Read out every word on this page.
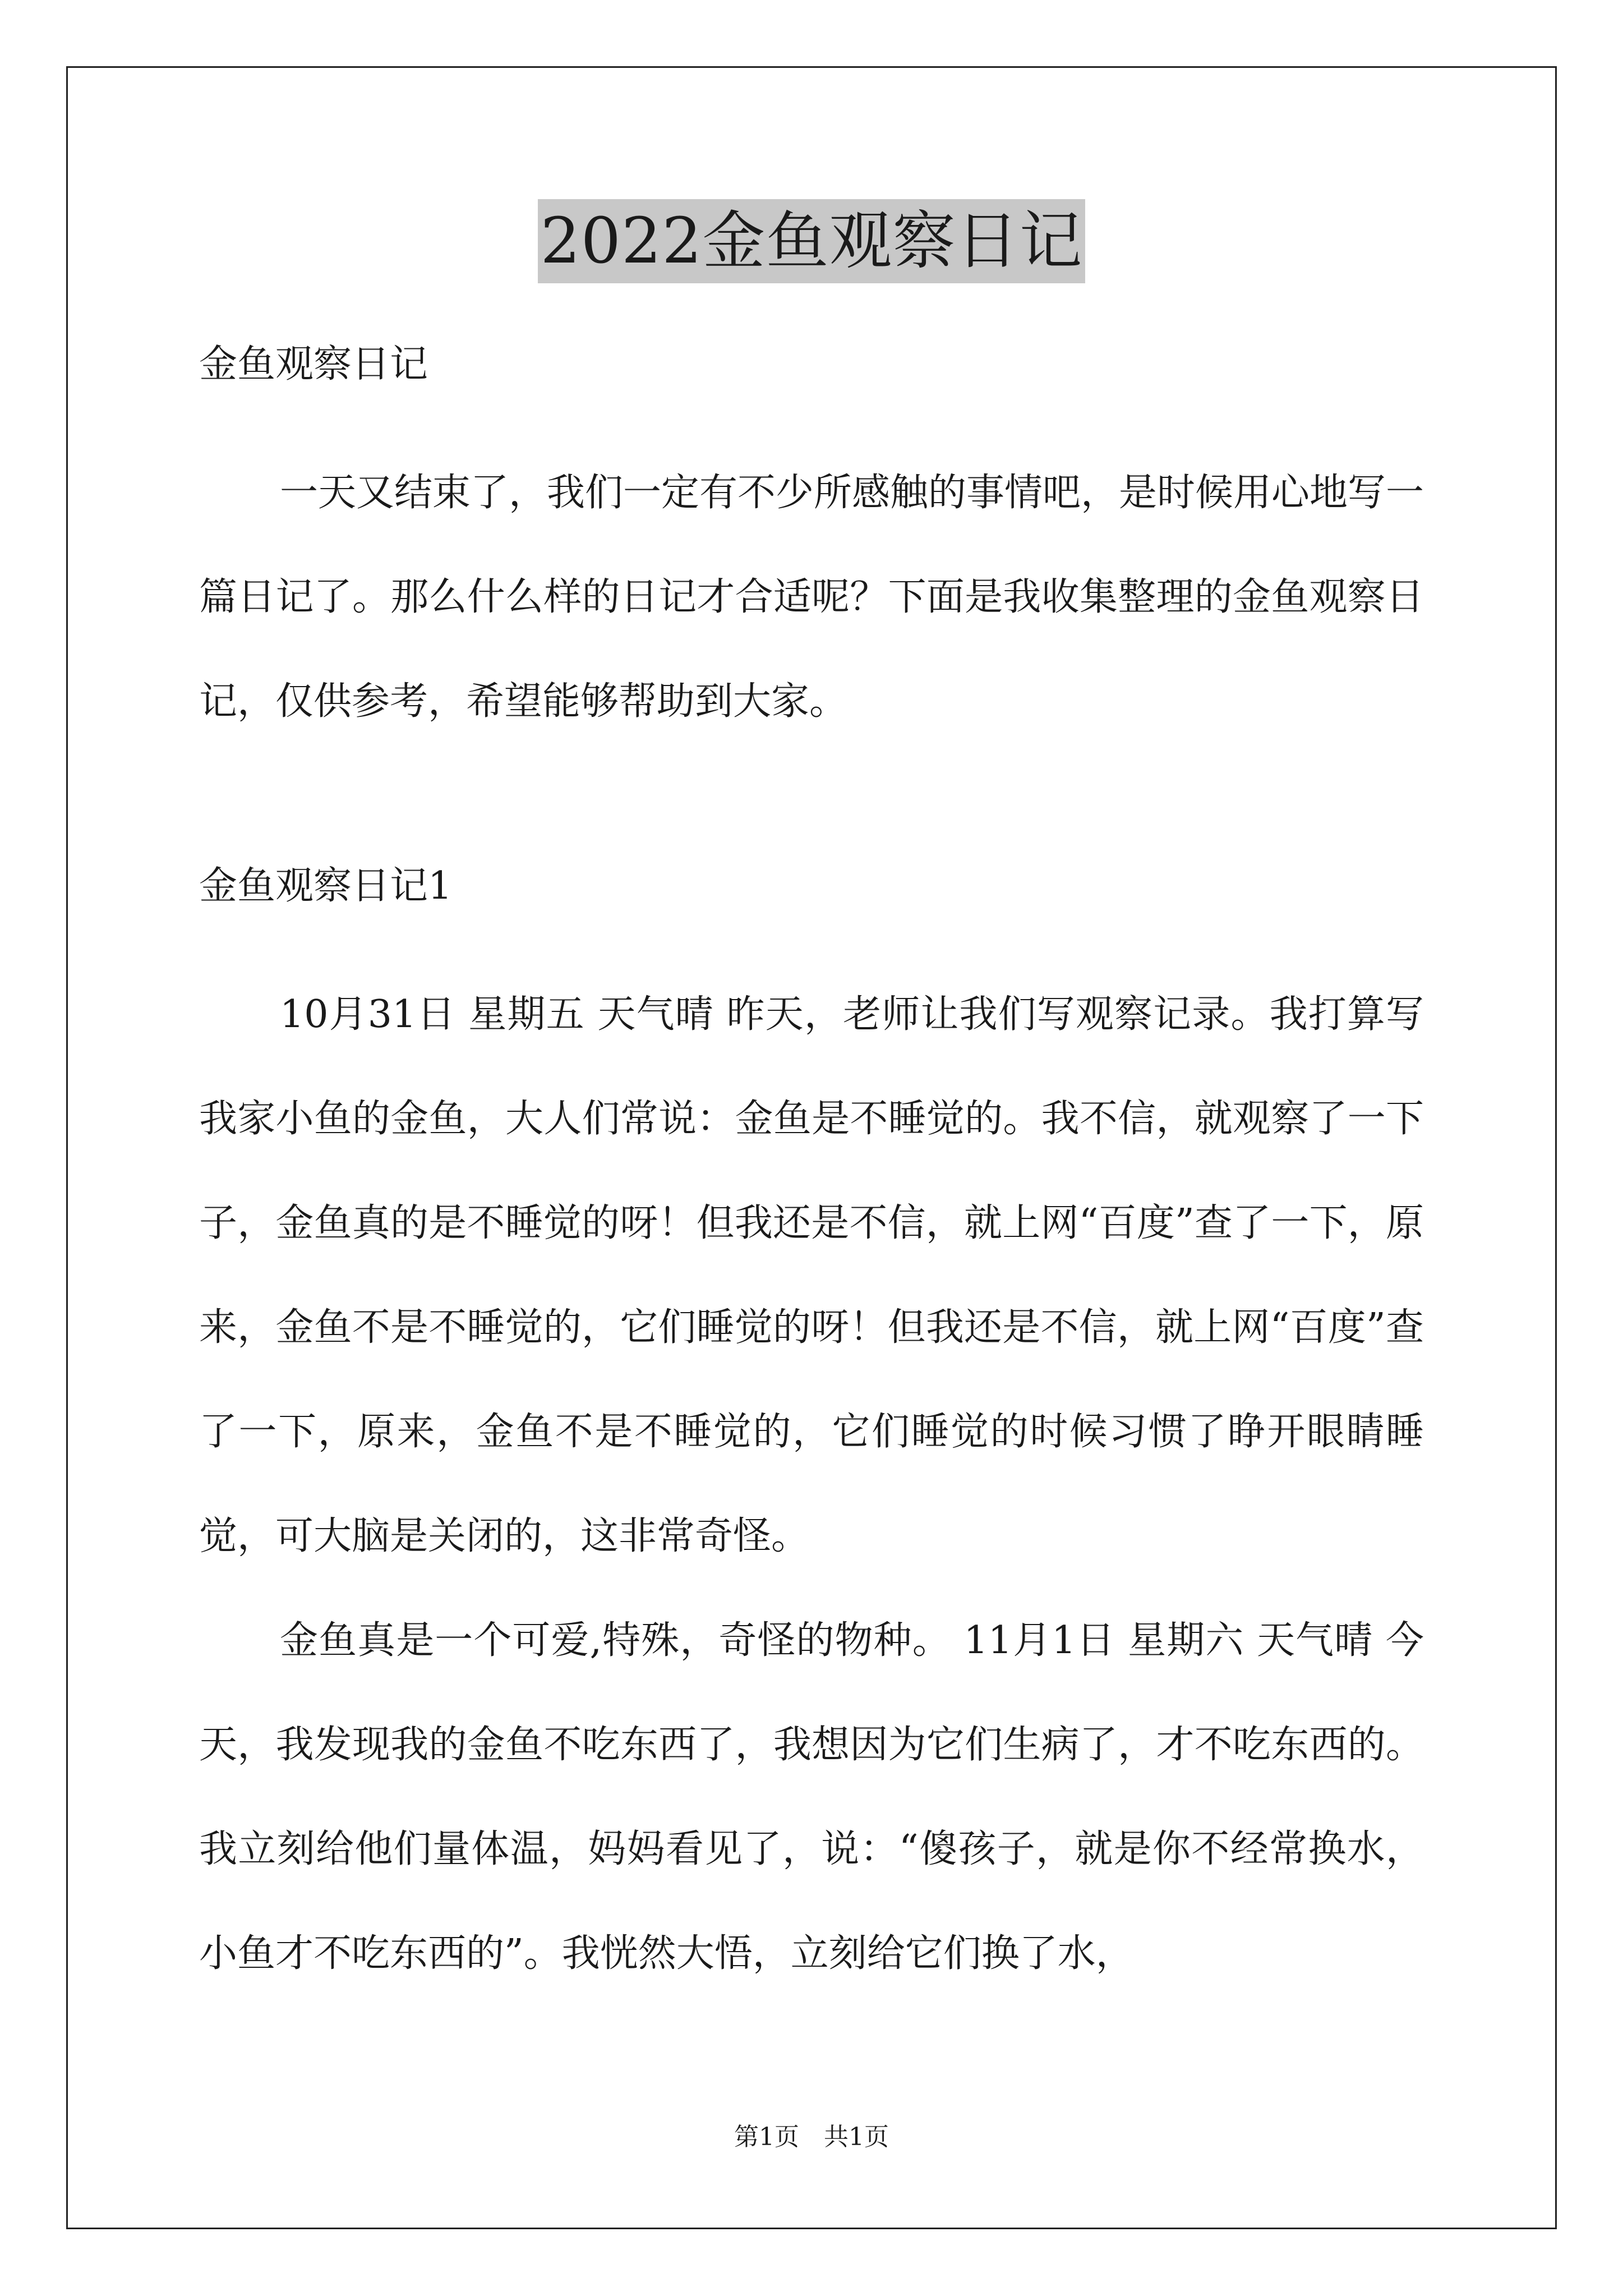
2022金鱼观察日记

金鱼观察日记

一天又结束了，我们一定有不少所感触的事情吧，是时候用心地写一篇日记了。那么什么样的日记才合适呢？下面是我收集整理的金鱼观察日记，仅供参考，希望能够帮助到大家。

金鱼观察日记1

10月31日 星期五 天气晴 昨天，老师让我们写观察记录。我打算写我家小鱼的金鱼，大人们常说：金鱼是不睡觉的。我不信，就观察了一下子，金鱼真的是不睡觉的呀！但我还是不信，就上网“百度”查了一下，原来，金鱼不是不睡觉的，它们睡觉的呀！但我还是不信，就上网“百度”查了一下，原来，金鱼不是不睡觉的，它们睡觉的时候习惯了睁开眼睛睡觉，可大脑是关闭的，这非常奇怪。

金鱼真是一个可爱,特殊，奇怪的物种。 11月1日 星期六 天气晴 今天，我发现我的金鱼不吃东西了，我想因为它们生病了，才不吃东西的。我立刻给他们量体温，妈妈看见了，说：“傻孩子，就是你不经常换水，小鱼才不吃东西的”。我恍然大悟，立刻给它们换了水，

第1页　共1页
